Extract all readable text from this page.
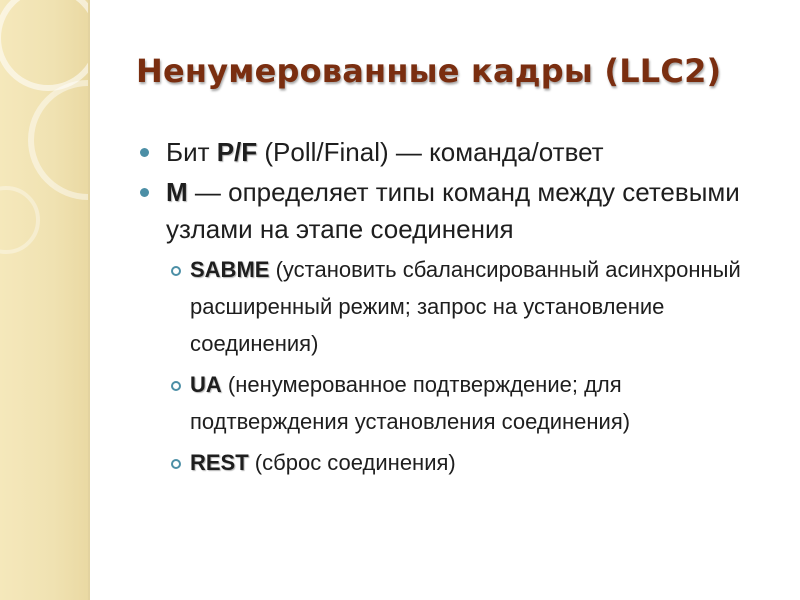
Ненумерованные кадры (LLC2)
Бит P/F (Poll/Final) — команда/ответ
M — определяет типы команд между сетевыми узлами на этапе соединения
SABME (установить сбалансированный асинхронный расширенный режим; запрос на установление соединения)
UA (ненумерованное подтверждение; для подтверждения установления соединения)
REST (сброс соединения)
